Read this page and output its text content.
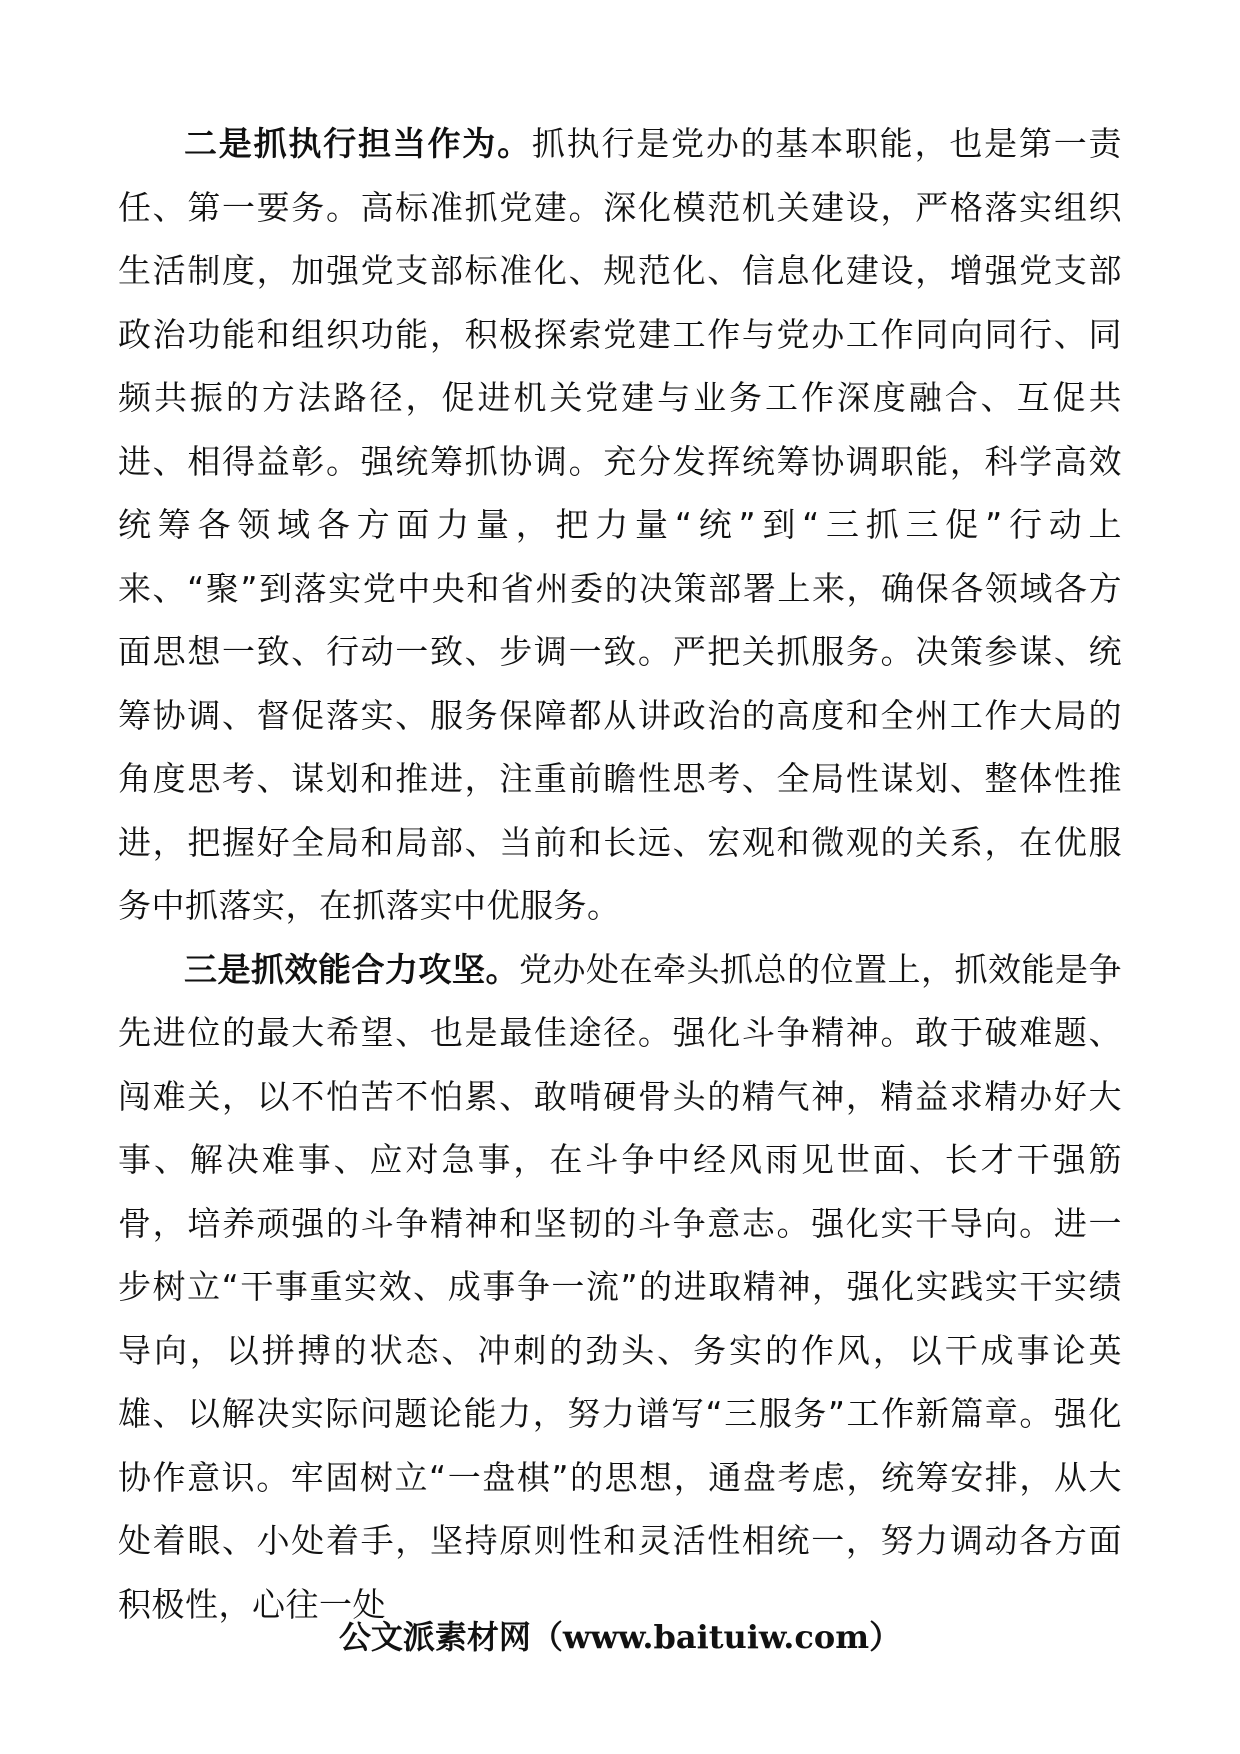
二是抓执行担当作为。抓执行是党办的基本职能，也是第一责任、第一要务。高标准抓党建。深化模范机关建设，严格落实组织生活制度，加强党支部标准化、规范化、信息化建设，增强党支部政治功能和组织功能，积极探索党建工作与党办工作同向同行、同频共振的方法路径，促进机关党建与业务工作深度融合、互促共进、相得益彰。强统筹抓协调。充分发挥统筹协调职能，科学高效统筹各领域各方面力量，把力量“统”到“三抓三促”行动上来、“聚”到落实党中央和省州委的决策部署上来，确保各领域各方面思想一致、行动一致、步调一致。严把关抓服务。决策参谋、统筹协调、督促落实、服务保障都从讲政治的高度和全州工作大局的角度思考、谋划和推进，注重前瞻性思考、全局性谋划、整体性推进，把握好全局和局部、当前和长远、宏观和微观的关系，在优服务中抓落实，在抓落实中优服务。

三是抓效能合力攻坚。党办处在牵头抓总的位置上，抓效能是争先进位的最大希望、也是最佳途径。强化斗争精神。敢于破难题、闯难关，以不怕苦不怕累、敢啃硬骨头的精气神，精益求精办好大事、解决难事、应对急事，在斗争中经风雨见世面、长才干强筋骨，培养顽强的斗争精神和坚韧的斗争意志。强化实干导向。进一步树立“干事重实效、成事争一流”的进取精神，强化实践实干实绩导向，以拼搏的状态、冲刺的劲头、务实的作风，以干成事论英雄、以解决实际问题论能力，努力谱写“三服务”工作新篇章。强化协作意识。牢固树立“一盘棋”的思想，通盘考虑，统筹安排，从大处着眼、小处着手，坚持原则性和灵活性相统一，努力调动各方面积极性，心往一处

公文派素材网（www.baituiw.com）
